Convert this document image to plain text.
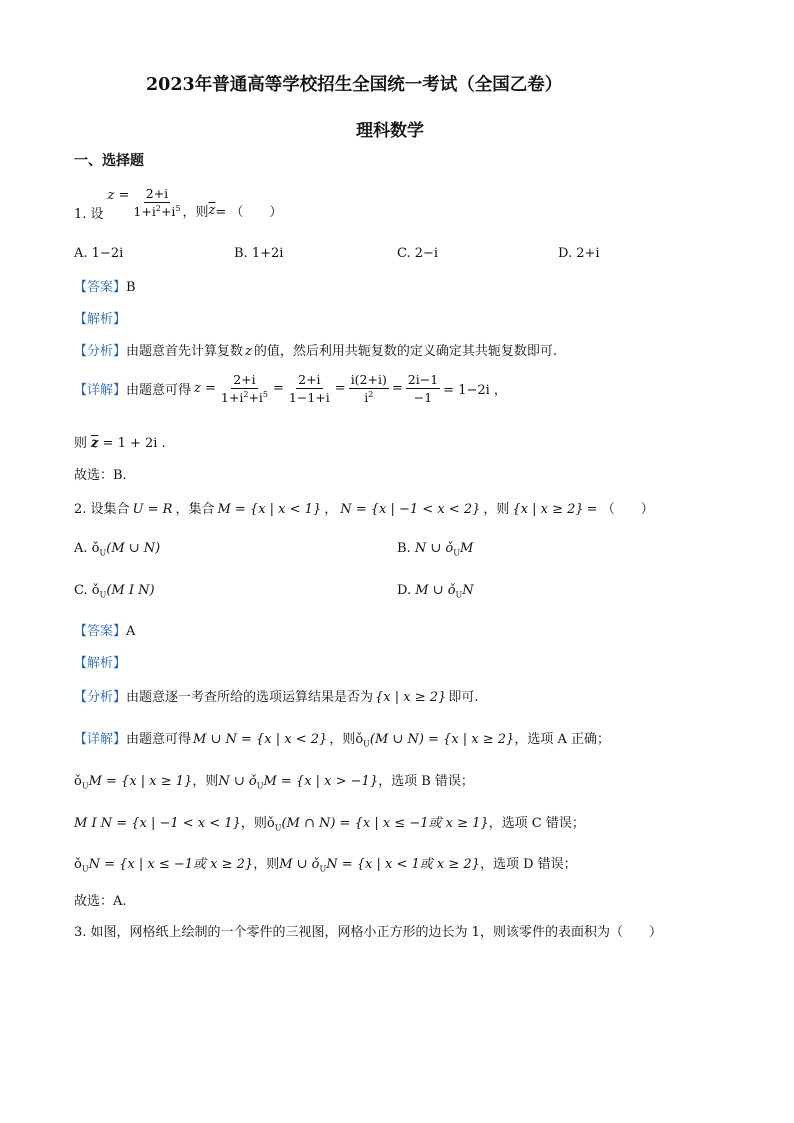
2023年普通高等学校招生全国统一考试（全国乙卷）
理科数学
一、选择题
1. 设
$z = \frac{2+i}{1+i^2+i^5}$ ，则 $\overline{z}$ = （　　）
A. 1−2i	B. 1+2i	C. 2−i	D. 2+i
【答案】B
【解析】
【分析】由题意首先计算复数 z 的值，然后利用共轭复数的定义确定其共轭复数即可.
【详解】 由题意可得 $z = \frac{2+i}{1+i^2+i^5} = \frac{2+i}{1-1+i} = \frac{i(2+i)}{i^2} = \frac{2i-1}{-1} = 1-2i$ ，
则 $\overline{z} = 1 + 2i$ .
故选：B.
2. 设集合 U = R ，集合 M = {x | x < 1} ， N = {x | −1 < x < 2} ，则 {x | x ≥ 2} = （　　）
A. $ǒ_U(M$ ∪ N)	B. N ∪ $ǒ_UM$
C. $ǒ_U(M$ I N)	D. M ∪ $ǒ_UN$
【答案】A
【解析】
【分析】由题意逐一考查所给的选项运算结果是否为 {x | x ≥ 2} 即可.
【详解】由题意可得 M ∪ N = {x | x < 2} ，则$ǒ_U(M$ ∪ N) = {x | x ≥ 2}，选项 A 正确；
$ǒ_UM = \{x$ | x ≥ 1}，则N ∪ $ǒ_UM = \{x$ | x > −1}，选项 B 错误；
M I N = {x | −1 < x < 1}，则$ǒ_U(M$ ∩ N) = {x | x ≤ −1或 x ≥ 1}，选项 C 错误；
$ǒ_UN = \{x$ | x ≤ −1或 x ≥ 2}，则M ∪ $ǒ_UN = \{x$ | x < 1或 x ≥ 2}，选项 D 错误；
故选：A.
3. 如图，网格纸上绘制的一个零件的三视图，网格小正方形的边长为 1，则该零件的表面积为（　　）
